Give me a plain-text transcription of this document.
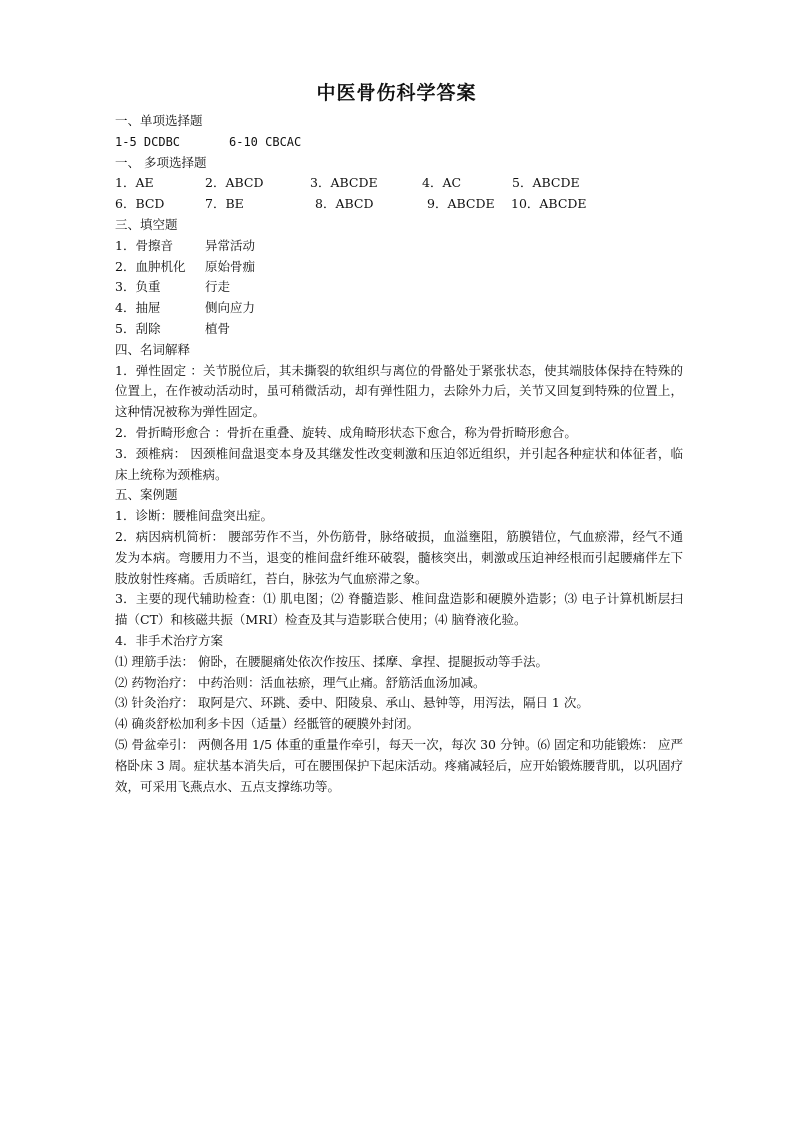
中医骨伤科学答案
一、单项选择题
1-5 DCDBC	6-10 CBCAC
一、 多项选择题
1．AE	2．ABCD	3．ABCDE	4．AC	5．ABCDE
6．BCD	7．BE	8．ABCD	9．ABCDE	10．ABCDE
三、填空题
1．骨擦音	异常活动
2．血肿机化 原始骨痂
3．负重	行走
4．抽屉	侧向应力
5．刮除	植骨
四、名词解释
1．弹性固定 ：关节脱位后，其未撕裂的软组织与离位的骨骼处于紧张状态，使其端肢体保持在特殊的位置上，在作被动活动时，虽可稍微活动，却有弹性阻力，去除外力后，关节又回复到特殊的位置上，这种情况被称为弹性固定。
2．骨折畸形愈合 ：骨折在重叠、旋转、成角畸形状态下愈合，称为骨折畸形愈合。
3．颈椎病： 因颈椎间盘退变本身及其继发性改变刺激和压迫邻近组织，并引起各种症状和体征者，临床上统称为颈椎病。
五、案例题
1．诊断：腰椎间盘突出症。
2．病因病机简析： 腰部劳作不当，外伤筋骨，脉络破损，血溢壅阻，筋膜错位，气血瘀滞，经气不通发为本病。弯腰用力不当，退变的椎间盘纤维环破裂，髓核突出，刺激或压迫神经根而引起腰痛伴左下肢放射性疼痛。舌质暗红，苔白，脉弦为气血瘀滞之象。
3．主要的现代辅助检查：⑴ 肌电图；⑵ 脊髓造影、椎间盘造影和硬膜外造影；⑶ 电子计算机断层扫描（CT）和核磁共振（MRI）检查及其与造影联合使用；⑷ 脑脊液化验。
4．非手术治疗方案
⑴ 理筋手法： 俯卧，在腰腿痛处依次作按压、揉摩、拿捏、提腿扳动等手法。
⑵ 药物治疗： 中药治则：活血祛瘀，理气止痛。舒筋活血汤加减。
⑶ 针灸治疗： 取阿是穴、环跳、委中、阳陵泉、承山、悬钟等，用泻法，隔日 1 次。
⑷ 确炎舒松加利多卡因（适量）经骶管的硬膜外封闭。
⑸ 骨盆牵引： 两侧各用 1/5 体重的重量作牵引，每天一次，每次 30 分钟。⑹ 固定和功能锻炼： 应严格卧床 3 周。症状基本消失后，可在腰围保护下起床活动。疼痛减轻后，应开始锻炼腰背肌，以巩固疗效，可采用飞燕点水、五点支撑练功等。
